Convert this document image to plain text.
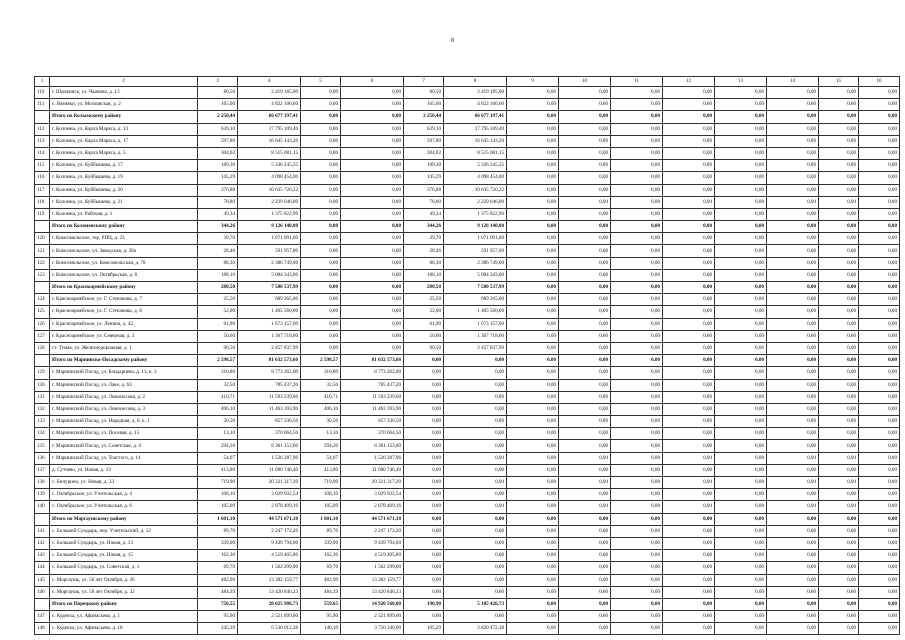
8
1	2	3	4	5	6	7	8	9	10	11	12	13	14	15	16
110	г. Шилкинск, ул. Чкачива, д. 13	80,50	2 419 185,00	0,00	0,00	80,50	2 419 185,00	0,00	0,00	0,00	0,00	0,00	0,00	0,00	0,00
111	с. Вязняки, ул. Московская, д. 2	165,00	4 822 106,00	0,00	0,00	165,00	4 822 106,00	0,00	0,00	0,00	0,00	0,00	0,00	0,00	0,00
	Итого по Колымскому району	2 250,44	66 677 197,41	0,00	0,00	2 250,44	66 677 197,41	0,00	0,00	0,00	0,00	0,00	0,00	0,00	0,00
112	г. Коломна, ул. Карла Маркса, д. 13	639,10	17 795 109,40	0,00	0,00	639,10	17 795 109,40	0,00	0,00	0,00	0,00	0,00	0,00	0,00	0,00
113	г. Коломна, ул. Карла Маркса, д. 17	597,80	16 645 143,20	0,00	0,00	597,80	16 645 143,20	0,00	0,00	0,00	0,00	0,00	0,00	0,00	0,00
114	г. Коломна, ул. Карла Маркса, д. 5	304,02	8 515 081,15	0,00	0,00	304,02	8 515 081,15	0,00	0,00	0,00	0,00	0,00	0,00	0,00	0,00
115	г. Коломна, ул. Куйбышева, д. 17	189,30	5 336 245,35	0,00	0,00	189,30	5 336 245,35	0,00	0,00	0,00	0,00	0,00	0,00	0,00	0,00
116	г. Коломна, ул. Куйбышева, д. 19	145,29	4 098 454,00	0,00	0,00	145,29	4 098 454,00	0,00	0,00	0,00	0,00	0,00	0,00	0,00	0,00
117	г. Коломна, ул. Куйбышева, д. 20	376,88	10 635 726,22	0,00	0,00	376,88	10 635 726,22	0,00	0,00	0,00	0,00	0,00	0,00	0,00	0,00
118	г. Коломна, ул. Куйбышева, д. 21	78,80	2 229 646,00	0,00	0,00	78,80	2 229 646,00	0,00	0,00	0,00	0,00	0,00	0,00	0,00	0,00
119	г. Коломна, ул. Рабочая, д. 1	49,34	1 375 822,96	0,00	0,00	49,34	1 375 822,96	0,00	0,00	0,00	0,00	0,00	0,00	0,00	0,00
	Итого по Коломенскому району	344,26	9 126 140,00	0,00	0,00	344,26	9 126 140,00	0,00	0,00	0,00	0,00	0,00	0,00	0,00	0,00
120	г. Комсомольское, тер. РПЦ, д. 23	39,70	1 071 091,00	0,00	0,00	39,70	1 071 091,00	0,00	0,00	0,00	0,00	0,00	0,00	0,00	0,00
121	г. Комсомольское, ул. Заводская, д. 38а	28,46	591 957,00	0,00	0,00	28,46	591 957,00	0,00	0,00	0,00	0,00	0,00	0,00	0,00	0,00
122	г. Комсомольское, ул. Комсомольская, д. 78	88,30	2 386 749,00	0,00	0,00	88,30	2 386 749,00	0,00	0,00	0,00	0,00	0,00	0,00	0,00	0,00
123	г. Комсомольское, ул. Октябрьская, д. 8	188,10	5 084 343,00	0,00	0,00	188,10	5 084 343,00	0,00	0,00	0,00	0,00	0,00	0,00	0,00	0,00
	Итого по Красноармейскому району	280,50	7 580 537,99	0,00	0,00	280,50	7 580 537,99	0,00	0,00	0,00	0,00	0,00	0,00	0,00	0,00
124	г. Красноармейское, ул. Г. Степанова, д. 7	25,50	689 265,00	0,00	0,00	25,50	689 265,00	0,00	0,00	0,00	0,00	0,00	0,00	0,00	0,00
125	г. Красноармейское, ул. Г. Степанова, д. 8	52,00	1 405 560,00	0,00	0,00	52,00	1 405 560,00	0,00	0,00	0,00	0,00	0,00	0,00	0,00	0,00
126	г. Красноармейское, ул. Ленина, д. 42	61,90	1 673 157,00	0,00	0,00	61,90	1 673 157,00	0,00	0,00	0,00	0,00	0,00	0,00	0,00	0,00
127	г. Красноармейское, ул. Северная, д. 2	50,60	1 367 718,00	0,00	0,00	50,60	1 367 718,00	0,00	0,00	0,00	0,00	0,00	0,00	0,00	0,00
128	ст. Тумак, ул. Железнодорожная, д. 1	90,50	2 457 837,99	0,00	0,00	90,50	2 457 837,99	0,00	0,00	0,00	0,00	0,00	0,00	0,00	0,00
	Итого по Мариинско-Посадскому району	2 598,57	81 632 573,66	2 598,57	81 632 573,66	0,00	0,00	0,00	0,00	0,00	0,00	0,00	0,00	0,00	0,00
129	г. Мариинский Посад, ул. Бондарнева, д. 13, к. 3	310,80	8 773 262,00	310,80	8 773 262,00	0,00	0,00	0,00	0,00	0,00	0,00	0,00	0,00	0,00	0,00
130	г. Мариинский Посад, ул. Лаке, д. 63	32,50	785 437,20	32,50	785 437,20	0,00	0,00	0,00	0,00	0,00	0,00	0,00	0,00	0,00	0,00
131	г. Мариинский Посад, ул. Ломоносова, д. 2	410,71	11 593 239,60	410,71	11 593 239,60	0,00	0,00	0,00	0,00	0,00	0,00	0,00	0,00	0,00	0,00
132	г. Мариинский Посад, ул. Ломоносова, д. 3	406,10	11 463 393,90	406,10	11 463 393,90	0,00	0,00	0,00	0,00	0,00	0,00	0,00	0,00	0,00	0,00
133	г. Мариинский Посад, ул. Народная, д. 8, к. 1	30,50	857 336,50	30,50	857 336,50	0,00	0,00	0,00	0,00	0,00	0,00	0,00	0,00	0,00	0,00
134	г. Мариинский Посад, ул. Посевая, д. 15	13,10	370 664,50	13,10	370 664,50	0,00	0,00	0,00	0,00	0,00	0,00	0,00	0,00	0,00	0,00
135	г. Мариинский Посад, ул. Советская, д. 4	294,20	8 361 153,60	294,20	8 361 153,60	0,00	0,00	0,00	0,00	0,00	0,00	0,00	0,00	0,00	0,00
136	г. Мариинский Посад, ул. Толстого, д. 14	54,07	1 526 287,96	54,07	1 526 287,96	0,00	0,00	0,00	0,00	0,00	0,00	0,00	0,00	0,00	0,00
137	д. Сутчево, ул. Новая, д. 13	413,80	11 680 746,40	413,80	11 680 746,40	0,00	0,00	0,00	0,00	0,00	0,00	0,00	0,00	0,00	0,00
138	с. Бичурино, ул. Новая, д. 23	719,90	20 321 317,20	719,90	20 321 317,20	0,00	0,00	0,00	0,00	0,00	0,00	0,00	0,00	0,00	0,00
139	с. Октябрьское, ул. Учительская, д. 4	108,10	3 029 932,54	108,10	3 029 932,54	0,00	0,00	0,00	0,00	0,00	0,00	0,00	0,00	0,00	0,00
140	с. Октябрьское, ул. Учительская, д. 6	105,09	2 878 409,16	105,09	2 878 409,16	0,00	0,00	0,00	0,00	0,00	0,00	0,00	0,00	0,00	0,00
	Итого по Моргаушскому району	1 601,10	44 571 671,10	1 601,10	44 571 671,10	0,00	0,00	0,00	0,00	0,00	0,00	0,00	0,00	0,00	0,00
141	с. Большой Сундырь, пер. Учительский, д. 12	89,70	2 247 172,20	89,70	2 247 172,20	0,00	0,00	0,00	0,00	0,00	0,00	0,00	0,00	0,00	0,00
142	с. Большой Сундырь, ул. Новая, д. 13	339,00	9 439 794,00	339,00	9 439 794,00	0,00	0,00	0,00	0,00	0,00	0,00	0,00	0,00	0,00	0,00
143	с. Большой Сундырь, ул. Новая, д. 15	162,30	4 519 405,80	162,30	4 519 405,80	0,00	0,00	0,00	0,00	0,00	0,00	0,00	0,00	0,00	0,00
144	с. Большой Сундырь, ул. Советская, д. 1	69,70	1 562 299,00	69,70	1 562 299,00	0,00	0,00	0,00	0,00	0,00	0,00	0,00	0,00	0,00	0,00
145	с. Моргаушь, ул. 50 лет Октября, д. 26	482,90	13 382 159,77	482,90	13 382 159,77	0,00	0,00	0,00	0,00	0,00	0,00	0,00	0,00	0,00	0,00
146	с. Моргаушь, ул. 50 лет Октября, д. 32	484,39	13 420 840,23	484,39	13 420 840,23	0,00	0,00	0,00	0,00	0,00	0,00	0,00	0,00	0,00	0,00
	Итого по Порецкому району	750,55	20 025 986,73	559,65	14 920 560,00	190,90	5 105 426,73	0,00	0,00	0,00	0,00	0,00	0,00	0,00	0,00
147	с. Кудеиха, ул. Афанасьева, д. 1	95,90	2 521 899,00	95,90	2 521 899,00	0,00	0,00	0,00	0,00	0,00	0,00	0,00	0,00	0,00	0,00
148	с. Кудеиха, ул. Афанасьева, д. 18	245,39	6 530 012,38	140,10	3 750 140,00	105,29	2 820 472,38	0,00	0,00	0,00	0,00	0,00	0,00	0,00	0,00
